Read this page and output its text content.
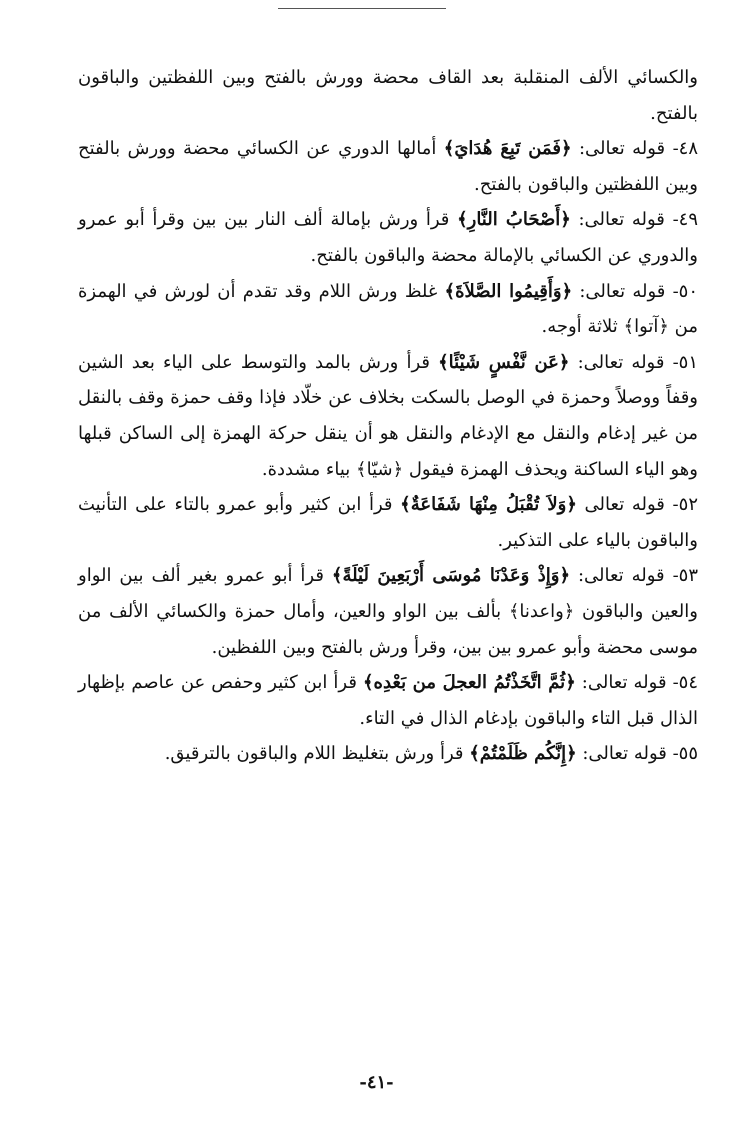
والكسائي الألف المنقلبة بعد القاف محضة وورش بالفتح وبين اللفظتين والباقون بالفتح.

٤٨- قوله تعالى: ﴿فَمَن تَبِعَ هُدَايَ﴾ أمالها الدوري عن الكسائي محضة وورش بالفتح وبين اللفظتين والباقون بالفتح.

٤٩- قوله تعالى: ﴿أَصْحَابُ النَّارِ﴾ قرأ ورش بإمالة ألف النار بين بين وقرأ أبو عمرو والدوري عن الكسائي بالإمالة محضة والباقون بالفتح.

٥٠- قوله تعالى: ﴿وَأَقِيمُوا الصَّلاَةَ﴾ غلظ ورش اللام وقد تقدم أن لورش في الهمزة من ﴿آتوا﴾ ثلاثة أوجه.

٥١- قوله تعالى: ﴿عَن نَّفْسٍ شَيْئًا﴾ قرأ ورش بالمد والتوسط على الياء بعد الشين وقفاً ووصلاً وحمزة في الوصل بالسكت بخلاف عن خلّاد فإذا وقف حمزة وقف بالنقل من غير إدغام والنقل مع الإدغام والنقل هو أن ينقل حركة الهمزة إلى الساكن قبلها وهو الياء الساكنة ويحذف الهمزة فيقول ﴿شيّا﴾ بياء مشددة.

٥٢- قوله تعالى ﴿وَلاَ تُقْبَلُ مِنْهَا شَفَاعَةٌ﴾ قرأ ابن كثير وأبو عمرو بالتاء على التأنيث والباقون بالياء على التذكير.

٥٣- قوله تعالى: ﴿وَإِذْ وَعَدْنَا مُوسَى أَرْبَعِينَ لَيْلَةً﴾ قرأ أبو عمرو بغير ألف بين الواو والعين والباقون ﴿واعدنا﴾ بألف بين الواو والعين، وأمال حمزة والكسائي الألف من موسى محضة وأبو عمرو بين بين، وقرأ ورش بالفتح وبين اللفظين.

٥٤- قوله تعالى: ﴿ثُمَّ اتَّخَذْتُمُ العجلَ من بَعْدِه﴾ قرأ ابن كثير وحفص عن عاصم بإظهار الذال قبل التاء والباقون بإدغام الذال في التاء.

٥٥- قوله تعالى: ﴿إِنَّكُم ظَلَمْتُمْ﴾ قرأ ورش بتغليظ اللام والباقون بالترقيق.

-٤١-
